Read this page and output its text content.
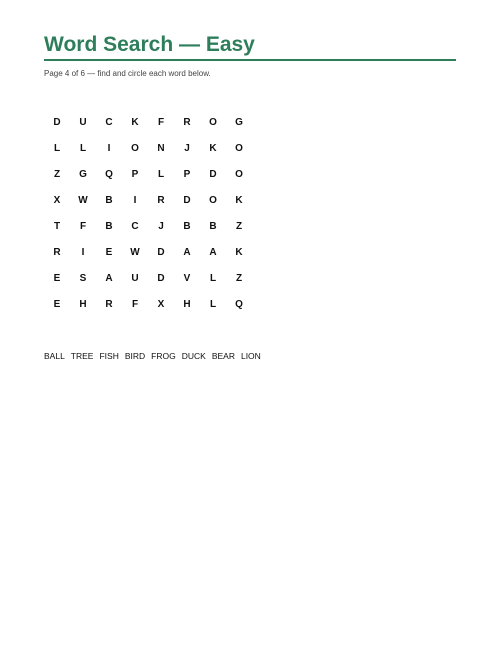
Word Search — Easy

Page 4 of 6 — find and circle each word below.

D	U	C	K	F	R	O	G
L	L	I	O	N	J	K	O
Z	G	Q	P	L	P	D	O
X	W	B	I	R	D	O	K
T	F	B	C	J	B	B	Z
R	I	E	W	D	A	A	K
E	S	A	U	D	V	L	Z
E	H	R	F	X	H	L	Q
BALL TREE FISH BIRD FROG DUCK BEAR LION
